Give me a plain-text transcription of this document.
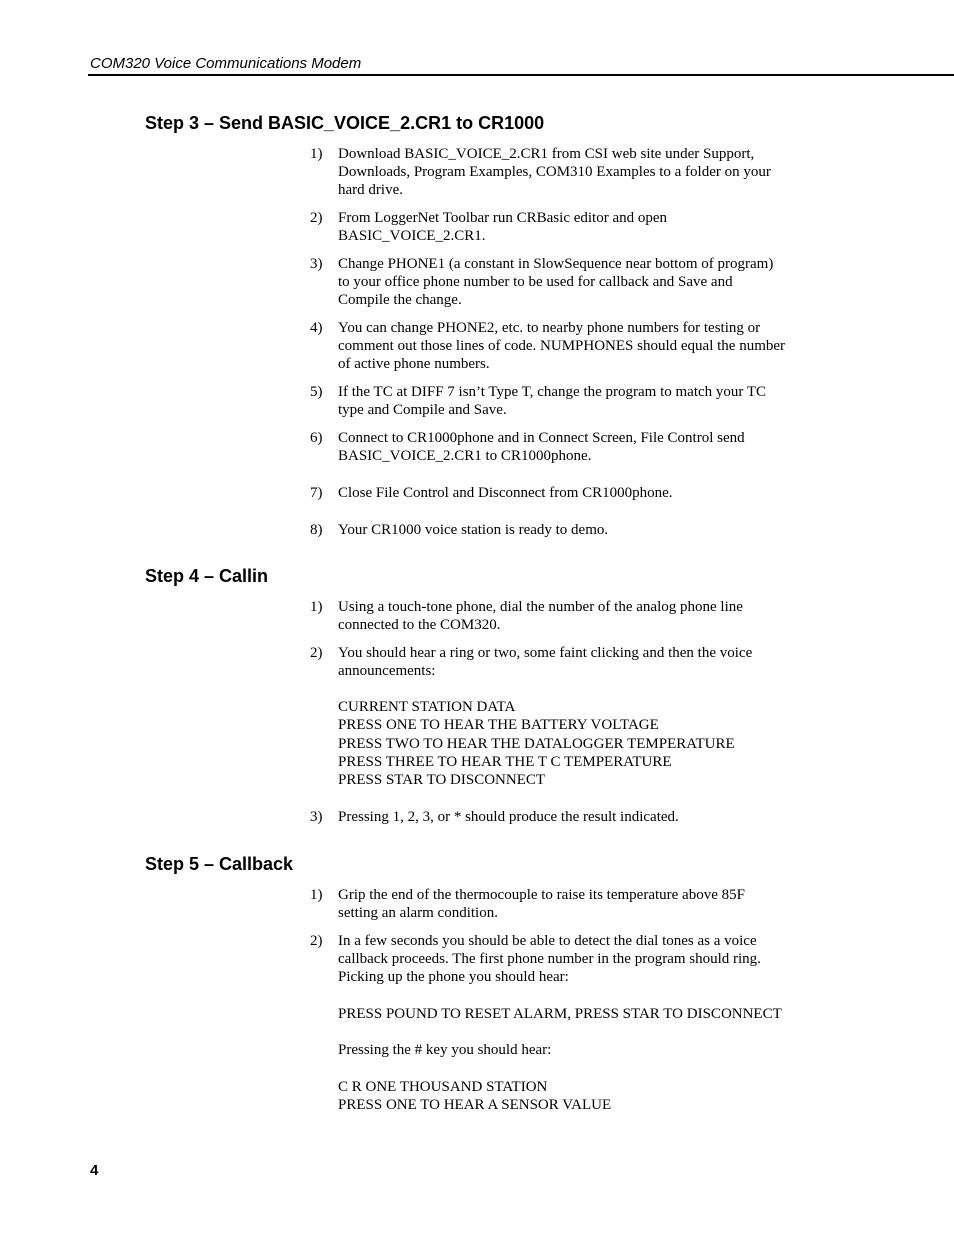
COM320 Voice Communications Modem
Step 3 – Send BASIC_VOICE_2.CR1 to CR1000
1) Download BASIC_VOICE_2.CR1 from CSI web site under Support,
Downloads, Program Examples, COM310 Examples to a folder on your
hard drive.
2) From LoggerNet Toolbar run CRBasic editor and open
BASIC_VOICE_2.CR1.
3) Change PHONE1 (a constant in SlowSequence near bottom of program)
to your office phone number to be used for callback and Save and
Compile the change.
4) You can change PHONE2, etc. to nearby phone numbers for testing or
comment out those lines of code. NUMPHONES should equal the number
of active phone numbers.
5) If the TC at DIFF 7 isn’t Type T, change the program to match your TC
type and Compile and Save.
6) Connect to CR1000phone and in Connect Screen, File Control send
BASIC_VOICE_2.CR1 to CR1000phone.
7) Close File Control and Disconnect from CR1000phone.
8) Your CR1000 voice station is ready to demo.
Step 4 – Callin
1) Using a touch-tone phone, dial the number of the analog phone line
connected to the COM320.
2) You should hear a ring or two, some faint clicking and then the voice
announcements:
CURRENT STATION DATA
PRESS ONE TO HEAR THE BATTERY VOLTAGE
PRESS TWO TO HEAR THE DATALOGGER TEMPERATURE
PRESS THREE TO HEAR THE T C TEMPERATURE
PRESS STAR TO DISCONNECT
3) Pressing 1, 2, 3, or * should produce the result indicated.
Step 5 – Callback
1) Grip the end of the thermocouple to raise its temperature above 85F
setting an alarm condition.
2) In a few seconds you should be able to detect the dial tones as a voice
callback proceeds. The first phone number in the program should ring.
Picking up the phone you should hear:
PRESS POUND TO RESET ALARM, PRESS STAR TO DISCONNECT
Pressing the # key you should hear:
C R ONE THOUSAND STATION
PRESS ONE TO HEAR A SENSOR VALUE
4
